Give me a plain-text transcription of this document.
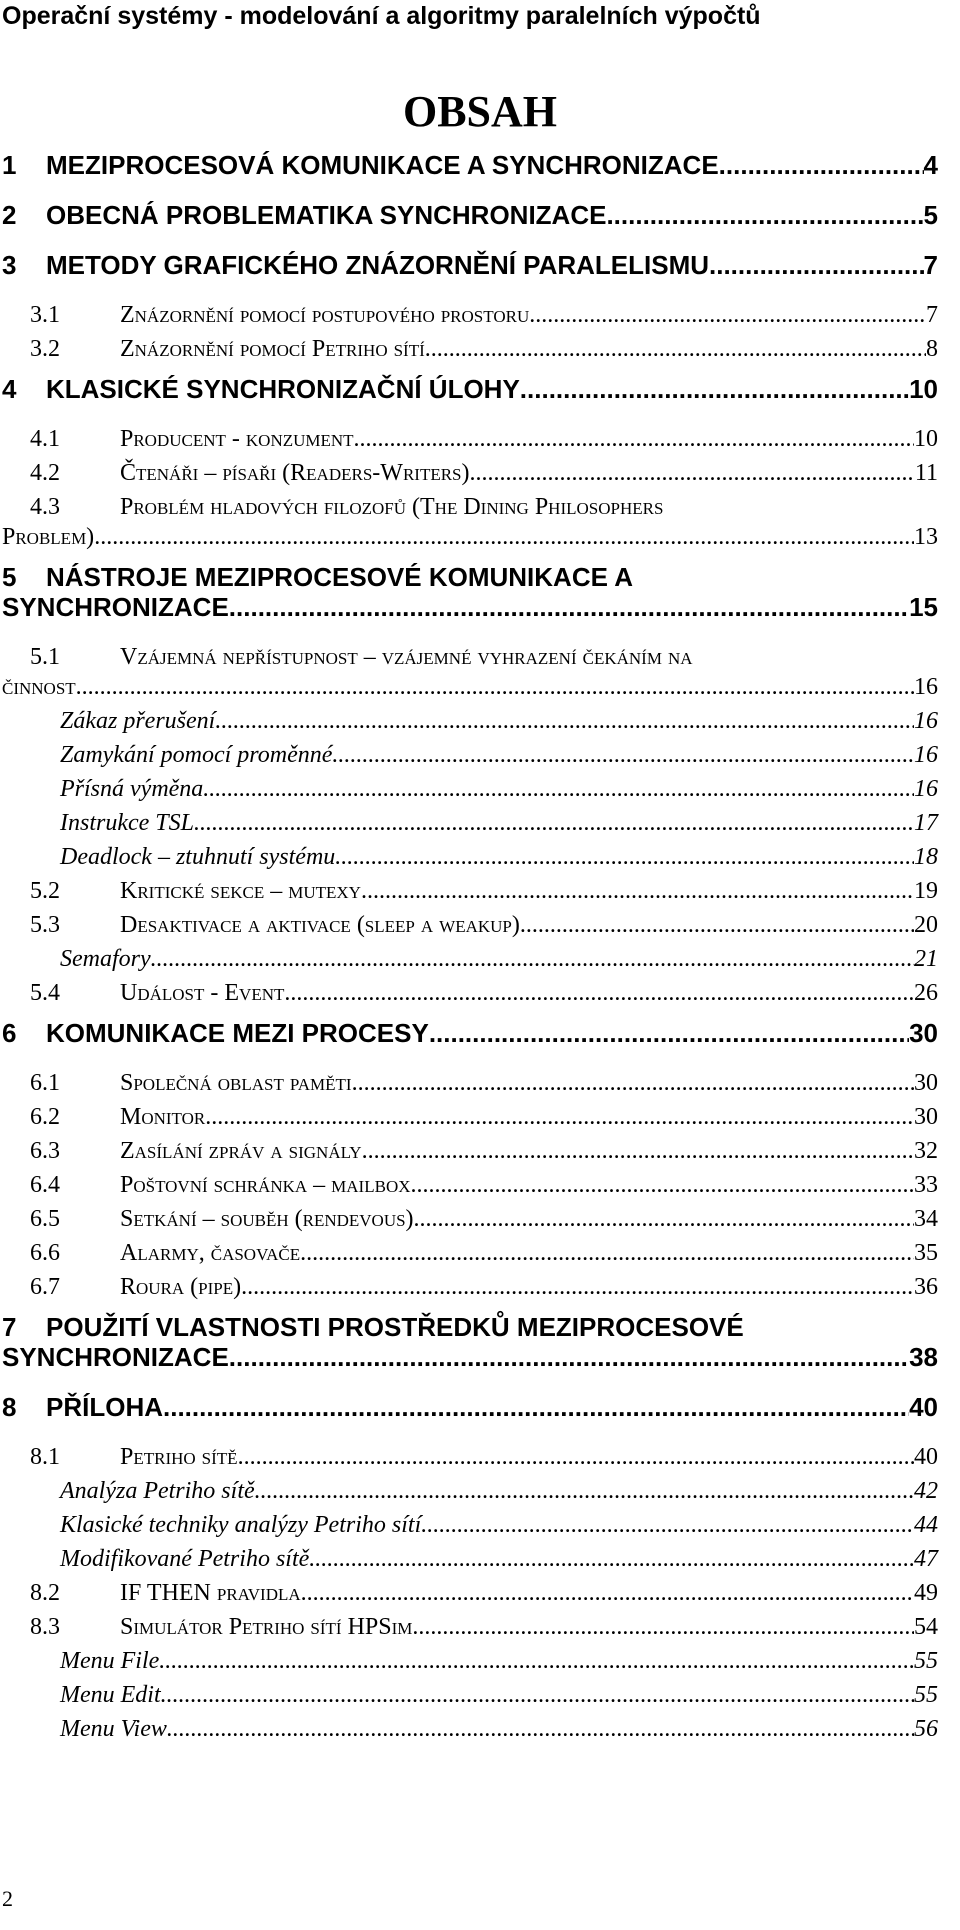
Operační systémy - modelování a algoritmy paralelních výpočtů
OBSAH
1	MEZIPROCESOVÁ KOMUNIKACE A SYNCHRONIZACE .....	4
2	OBECNÁ PROBLEMATIKA SYNCHRONIZACE .....	5
3	METODY GRAFICKÉHO ZNÁZORNĚNÍ PARALELISMU .....	7
3.1	Znázornění pomocí postupového prostoru .....	7
3.2	Znázornění pomocí Petriho sítí .....	8
4	KLASICKÉ SYNCHRONIZAČNÍ ÚLOHY .....	10
4.1	Producent - konzument .....	10
4.2	Čtenáři – písaři (Readers-Writers) .....	11
4.3	Problém hladových filozofů (The Dining Philosophers
Problem) .....	13
5	NÁSTROJE MEZIPROCESOVÉ KOMUNIKACE A
SYNCHRONIZACE .....	15
5.1	Vzájemná nepřístupnost – vzájemné vyhrazení čekáním na
činnost .....	16
Zákaz přerušení. .....	16
Zamykání pomocí proměnné. .....	16
Přísná výměna. .....	16
Instrukce TSL .....	17
Deadlock – ztuhnutí systému. .....	18
5.2	Kritické sekce – mutexy .....	19
5.3	Desaktivace a aktivace (sleep a weakup) .....	20
Semafory .....	21
5.4	Událost - Event .....	26
6	KOMUNIKACE MEZI PROCESY .....	30
6.1	Společná oblast paměti .....	30
6.2	Monitor .....	30
6.3	Zasílání zpráv a signály .....	32
6.4	Poštovní schránka – mailbox .....	33
6.5	Setkání – souběh (rendevous) .....	34
6.6	Alarmy, časovače .....	35
6.7	Roura (pipe) .....	36
7	POUŽITÍ VLASTNOSTI PROSTŘEDKŮ MEZIPROCESOVÉ
SYNCHRONIZACE .....	38
8	PŘÍLOHA .....	40
8.1	Petriho sítě .....	40
Analýza Petriho sítě .....	42
Klasické techniky analýzy Petriho sítí .....	44
Modifikované Petriho sítě .....	47
8.2	IF THEN pravidla .....	49
8.3	Simulátor Petriho sítí HPSim .....	54
Menu File .....	55
Menu Edit .....	55
Menu View .....	56
2
